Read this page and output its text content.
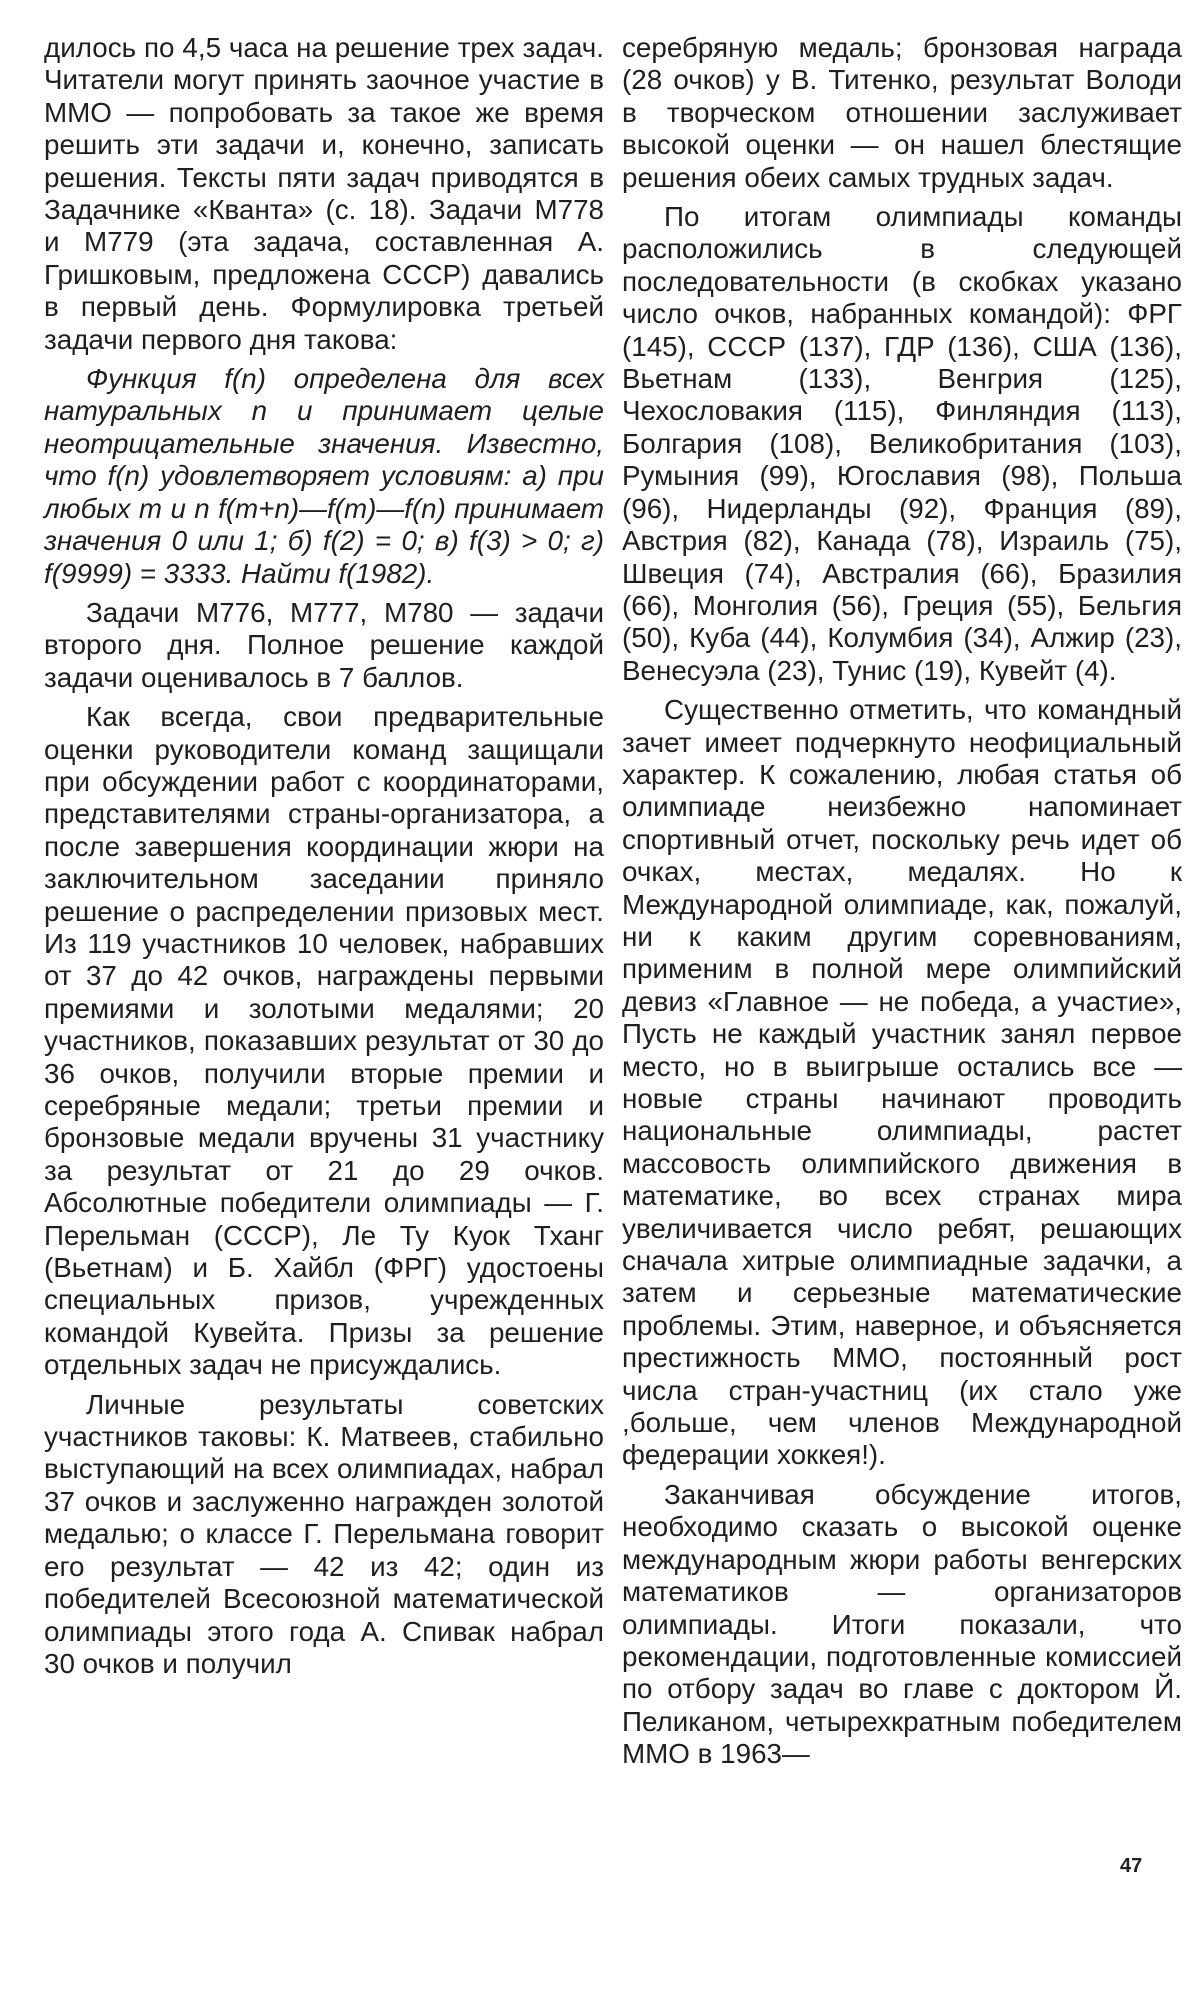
дилось по 4,5 часа на решение трех задач. Читатели могут принять заочное участие в ММО — попробовать за такое же время решить эти задачи и, конечно, записать решения. Тексты пяти задач приводятся в Задачнике «Кванта» (с. 18). Задачи М778 и М779 (эта задача, составленная А. Гришковым, предложена СССР) давались в первый день. Формулировка третьей задачи первого дня такова:

Функция f(n) определена для всех натуральных n и принимает целые неотрицательные значения. Известно, что f(n) удовлетворяет условиям: а) при любых m и n f(m+n)—f(m)—f(n) принимает значения 0 или 1; б) f(2) = 0; в) f(3) > 0; г) f(9999) = 3333. Найти f(1982).

Задачи М776, М777, М780 — задачи второго дня. Полное решение каждой задачи оценивалось в 7 баллов.

Как всегда, свои предварительные оценки руководители команд защищали при обсуждении работ с координаторами, представителями страны-организатора, а после завершения координации жюри на заключительном заседании приняло решение о распределении призовых мест. Из 119 участников 10 человек, набравших от 37 до 42 очков, награждены первыми премиями и золотыми медалями; 20 участников, показавших результат от 30 до 36 очков, получили вторые премии и серебряные медали; третьи премии и бронзовые медали вручены 31 участнику за результат от 21 до 29 очков. Абсолютные победители олимпиады — Г. Перельман (СССР), Ле Ту Куок Тханг (Вьетнам) и Б. Хайбл (ФРГ) удостоены специальных призов, учрежденных командой Кувейта. Призы за решение отдельных задач не присуждались.

Личные результаты советских участников таковы: К. Матвеев, стабильно выступающий на всех олимпиадах, набрал 37 очков и заслуженно награжден золотой медалью; о классе Г. Перельмана говорит его результат — 42 из 42; один из победителей Всесоюзной математической олимпиады этого года А. Спивак набрал 30 очков и получил

серебряную медаль; бронзовая награда (28 очков) у В. Титенко, результат Володи в творческом отношении заслуживает высокой оценки — он нашел блестящие решения обеих самых трудных задач.

По итогам олимпиады команды расположились в следующей последовательности (в скобках указано число очков, набранных командой): ФРГ (145), СССР (137), ГДР (136), США (136), Вьетнам (133), Венгрия (125), Чехословакия (115), Финляндия (113), Болгария (108), Великобритания (103), Румыния (99), Югославия (98), Польша (96), Нидерланды (92), Франция (89), Австрия (82), Канада (78), Израиль (75), Швеция (74), Австралия (66), Бразилия (66), Монголия (56), Греция (55), Бельгия (50), Куба (44), Колумбия (34), Алжир (23), Венесуэла (23), Тунис (19), Кувейт (4).

Существенно отметить, что командный зачет имеет подчеркнуто неофициальный характер. К сожалению, любая статья об олимпиаде неизбежно напоминает спортивный отчет, поскольку речь идет об очках, местах, медалях. Но к Международной олимпиаде, как, пожалуй, ни к каким другим соревнованиям, применим в полной мере олимпийский девиз «Главное — не победа, а участие», Пусть не каждый участник занял первое место, но в выигрыше остались все — новые страны начинают проводить национальные олимпиады, растет массовость олимпийского движения в математике, во всех странах мира увеличивается число ребят, решающих сначала хитрые олимпиадные задачки, а затем и серьезные математические проблемы. Этим, наверное, и объясняется престижность ММО, постоянный рост числа стран-участниц (их стало уже ,больше, чем членов Международной федерации хоккея!).

Заканчивая обсуждение итогов, необходимо сказать о высокой оценке международным жюри работы венгерских математиков — организаторов олимпиады. Итоги показали, что рекомендации, подготовленные комиссией по отбору задач во главе с доктором Й. Пеликаном, четырехкратным победителем ММО в 1963—

47
